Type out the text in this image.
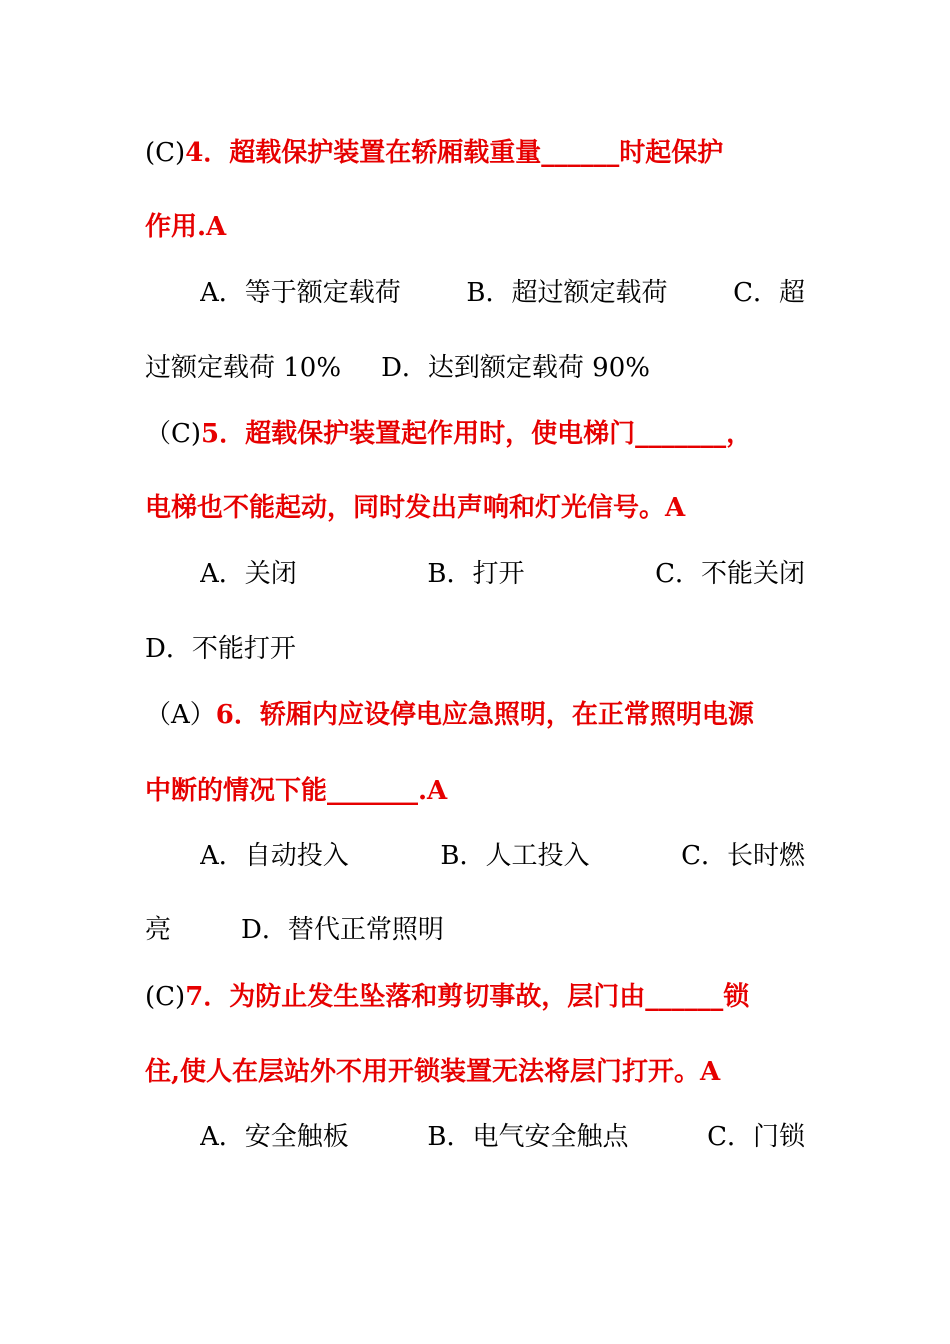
(C)4．超载保护装置在轿厢载重量______时起保护
作用.A
A．等于额定载荷	B．超过额定载荷	C．超
过额定载荷 10% D．达到额定载荷 90%
（C)5．超载保护装置起作用时，使电梯门_______，
电梯也不能起动，同时发出声响和灯光信号。A
A．关闭	B．打开	C．不能关闭
D．不能打开
（A）6．轿厢内应设停电应急照明，在正常照明电源
中断的情况下能_______.A
A．自动投入	B．人工投入	C．长时燃
亮	D．替代正常照明
(C)7．为防止发生坠落和剪切事故，层门由______锁
住,使人在层站外不用开锁装置无法将层门打开。A
A．安全触板	B．电气安全触点	C．门锁
